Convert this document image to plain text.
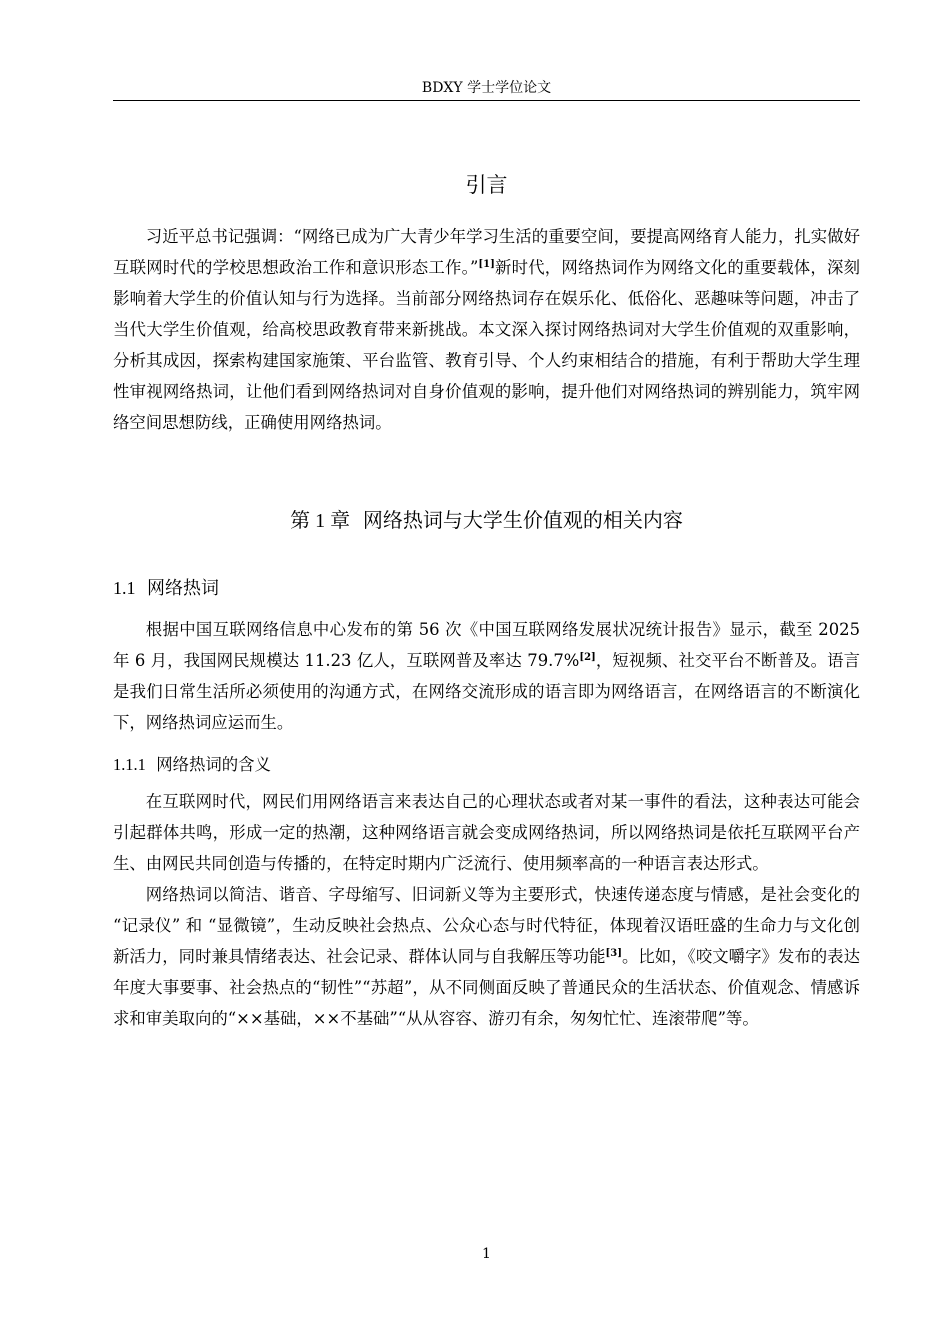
BDXY 学士学位论文
引言

习近平总书记强调：“网络已成为广大青少年学习生活的重要空间，要提高网络育人能力，扎实做好互联网时代的学校思想政治工作和意识形态工作。”[1]新时代，网络热词作为网络文化的重要载体，深刻影响着大学生的价值认知与行为选择。当前部分网络热词存在娱乐化、低俗化、恶趣味等问题，冲击了当代大学生价值观，给高校思政教育带来新挑战。本文深入探讨网络热词对大学生价值观的双重影响，分析其成因，探索构建国家施策、平台监管、教育引导、个人约束相结合的措施，有利于帮助大学生理性审视网络热词，让他们看到网络热词对自身价值观的影响，提升他们对网络热词的辨别能力，筑牢网络空间思想防线，正确使用网络热词。

第 1 章 网络热词与大学生价值观的相关内容
1.1 网络热词

根据中国互联网络信息中心发布的第 56 次《中国互联网络发展状况统计报告》显示，截至 2025 年 6 月，我国网民规模达 11.23 亿人，互联网普及率达 79.7%[2]，短视频、社交平台不断普及。语言是我们日常生活所必须使用的沟通方式，在网络交流形成的语言即为网络语言，在网络语言的不断演化下，网络热词应运而生。

1.1.1 网络热词的含义

在互联网时代，网民们用网络语言来表达自己的心理状态或者对某一事件的看法，这种表达可能会引起群体共鸣，形成一定的热潮，这种网络语言就会变成网络热词，所以网络热词是依托互联网平台产生、由网民共同创造与传播的，在特定时期内广泛流行、使用频率高的一种语言表达形式。

网络热词以简洁、谐音、字母缩写、旧词新义等为主要形式，快速传递态度与情感，是社会变化的 “记录仪” 和 “显微镜”，生动反映社会热点、公众心态与时代特征，体现着汉语旺盛的生命力与文化创新活力，同时兼具情绪表达、社会记录、群体认同与自我解压等功能[3]。比如，《咬文嚼字》发布的表达年度大事要事、社会热点的“韧性”“苏超”，从不同侧面反映了普通民众的生活状态、价值观念、情感诉求和审美取向的“××基础，××不基础”“从从容容、游刃有余，匆匆忙忙、连滚带爬”等。

1
